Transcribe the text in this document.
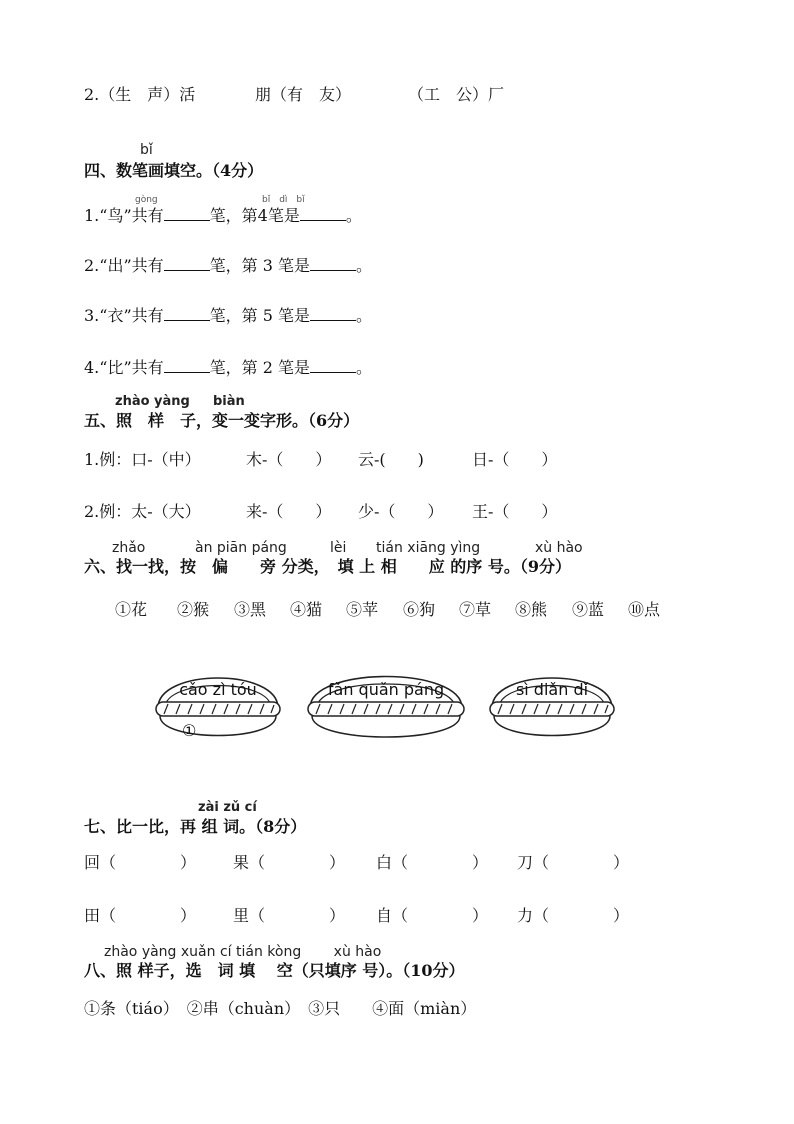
2.（生　声）活	朋（有　友）	（工　公）厂
bǐ
四、数笔画填空。（4分）
gòng	bǐ　dì　bǐ
1.“鸟”共有	笔，第4笔是	。
2.“出”共有	笔，第 3 笔是	。
3.“衣”共有	笔，第 5 笔是	。
4.“比”共有	笔，第 2 笔是	。
zhào yàng biàn
五、照　样　子，变一变字形。（6分）
1.例：口-（中）	木-（　　） 云-(　　)	日-（　　）
2.例：太-（大）	来-（　　） 少-（　　） 王-（　　）
zhǎo	àn piān páng	lèi tián xiāng yìng	xù hào
六、找一找，按　偏　　旁 分类，　填 上 相　　应 的序 号。（9分）
①花 ②猴 ③黑 ④猫 ⑤苹 ⑥狗 ⑦草 ⑧熊 ⑨蓝 ⑩点
cǎo zì tóu
①
fǎn quǎn páng	sì diǎn dǐ
zài zǔ cí
七、比一比，再 组 词。（8分）
回（　　　　） 果（　　　　） 白（　　　　） 刀（　　　　）
田（　　　　） 里（　　　　） 自（　　　　） 力（　　　　）
zhào yàng xuǎn cí tián kòng　　 xù hào
八、照 样子，选　词 填　 空（只填序 号）。（10分）
①条（tiáo）　②串（chuàn）　③只　　④面（miàn）
